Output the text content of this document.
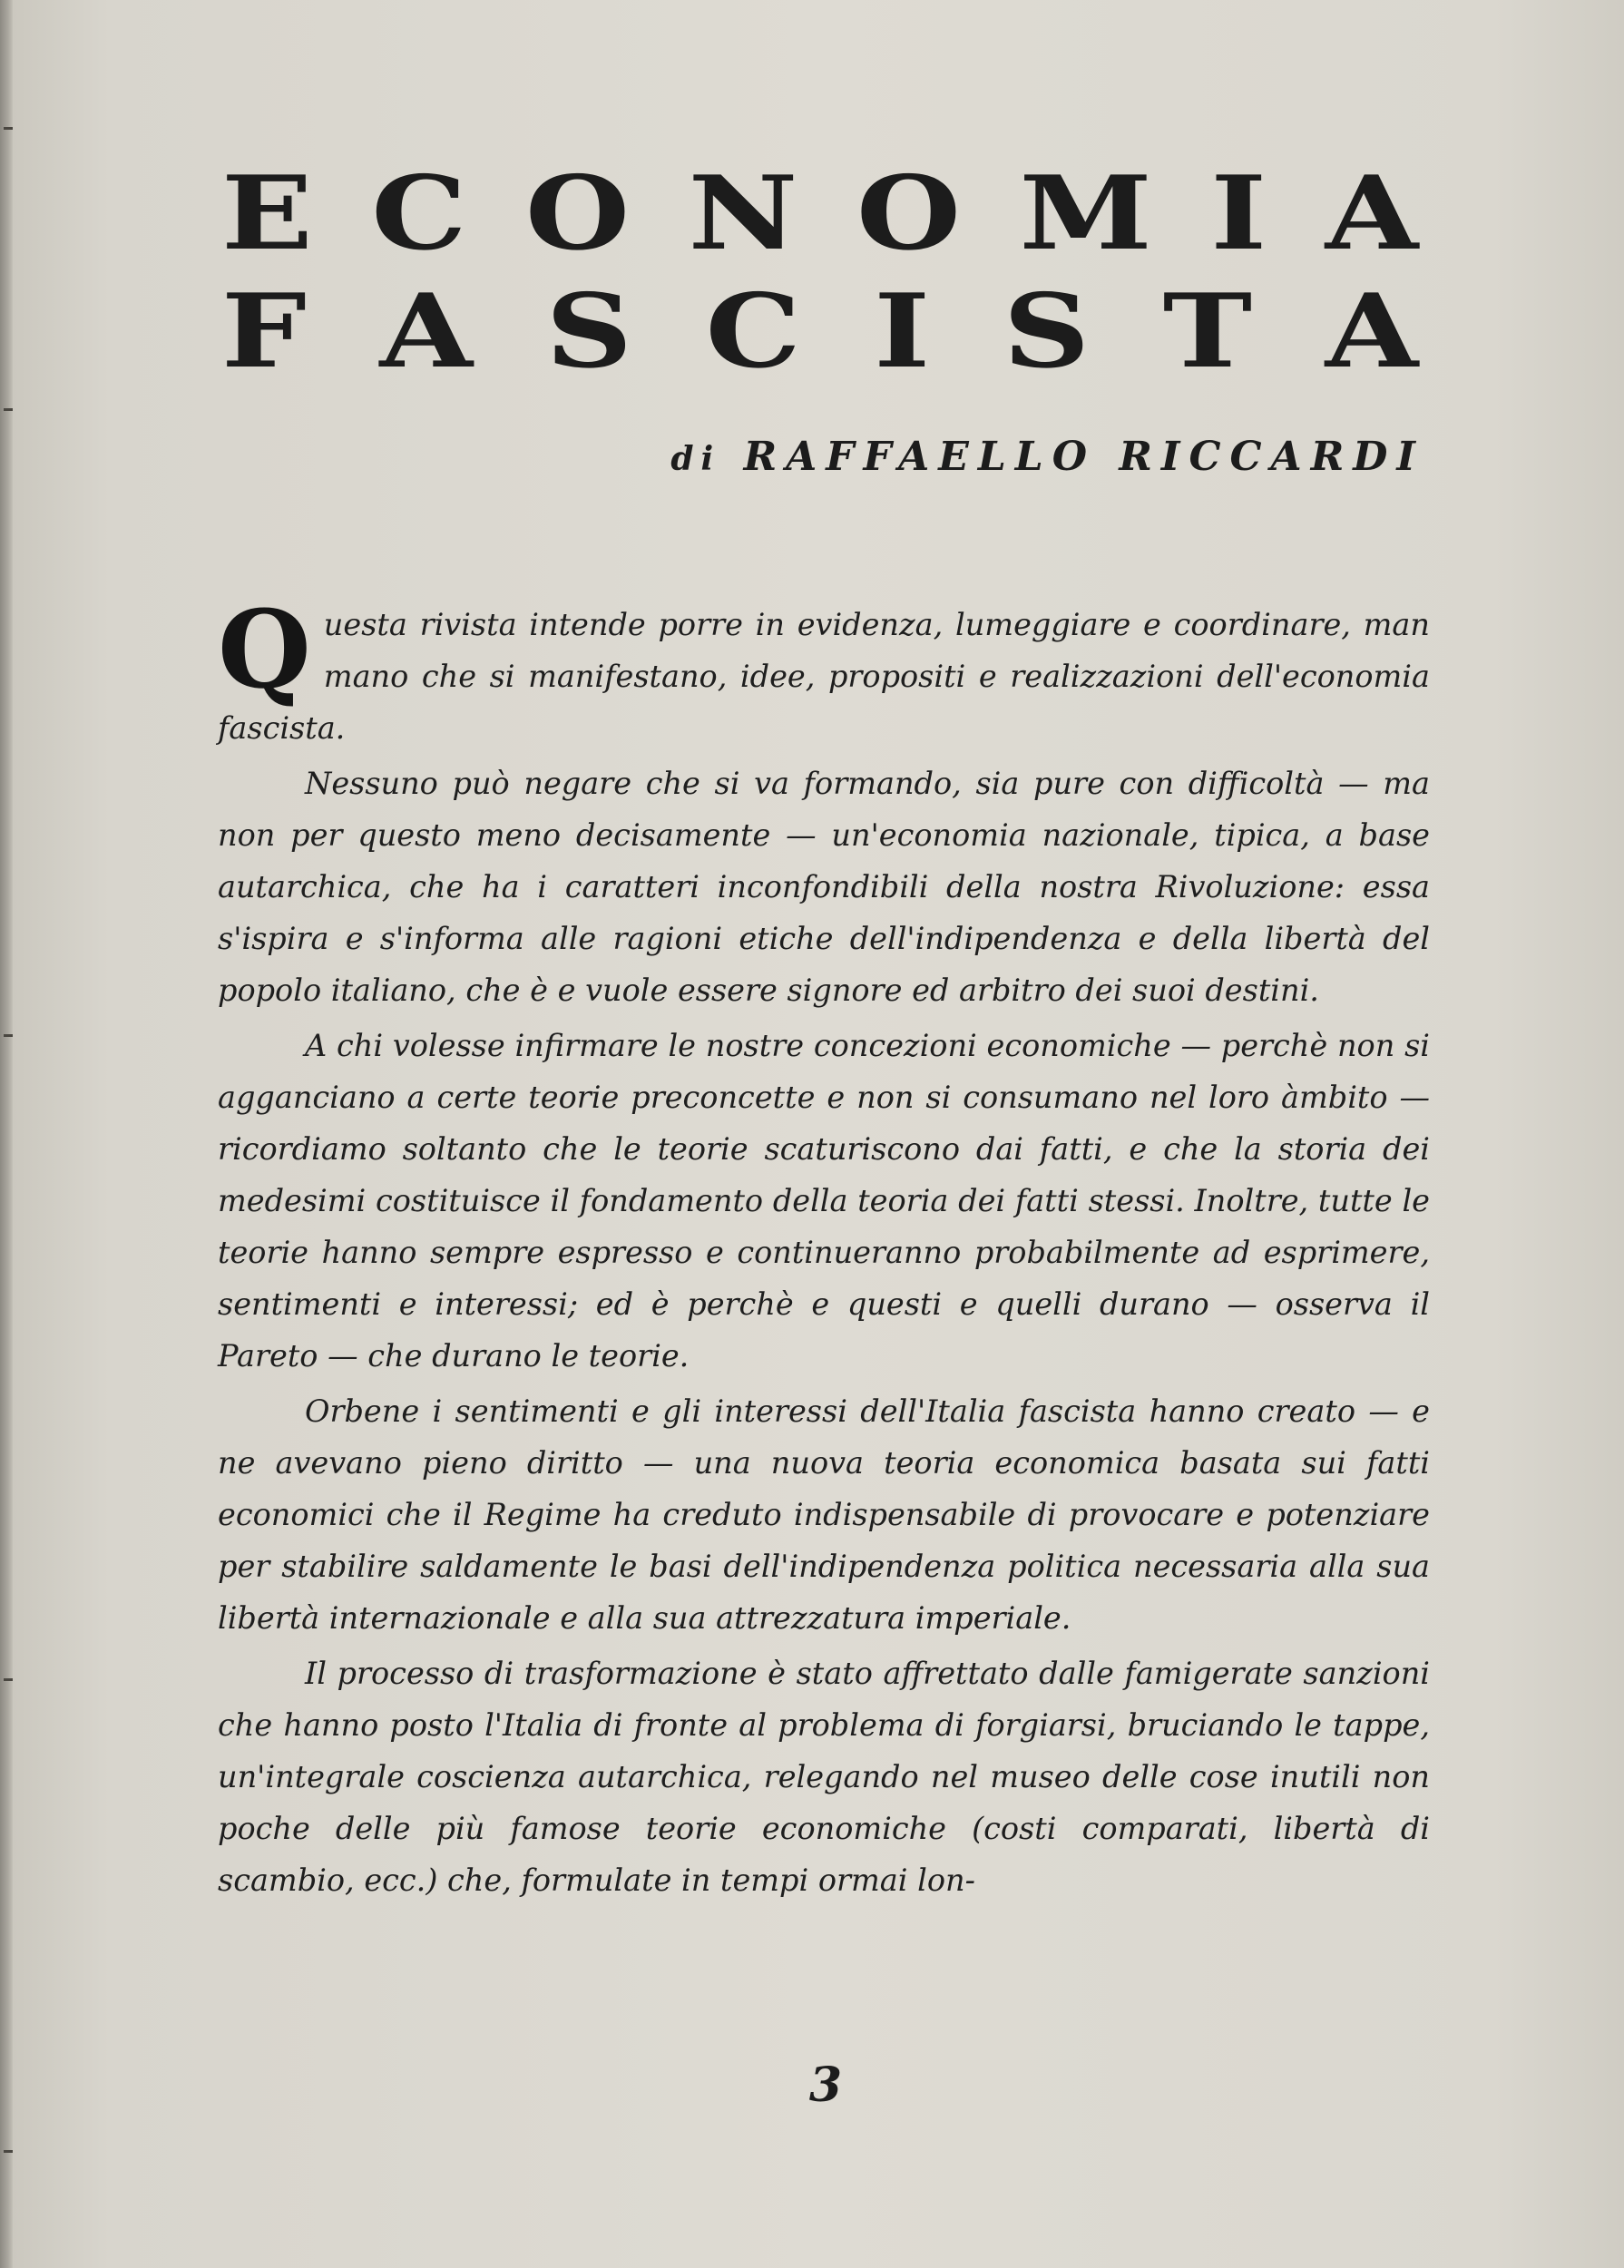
E C O N O M I A
F A S C I S T A
di RAFFAELLO RICCARDI

Questa rivista intende porre in evidenza, lumeggiare e coordinare, man mano che si manifestano, idee, propositi e realizzazioni dell'economia fascista.

Nessuno può negare che si va formando, sia pure con difficoltà — ma non per questo meno decisamente — un'economia nazionale, tipica, a base autarchica, che ha i caratteri inconfondibili della nostra Rivoluzione: essa s'ispira e s'informa alle ragioni etiche dell'indipendenza e della libertà del popolo italiano, che è e vuole essere signore ed arbitro dei suoi destini.

A chi volesse infirmare le nostre concezioni economiche — perchè non si agganciano a certe teorie preconcette e non si consumano nel loro àmbito — ricordiamo soltanto che le teorie scaturiscono dai fatti, e che la storia dei medesimi costituisce il fondamento della teoria dei fatti stessi. Inoltre, tutte le teorie hanno sempre espresso e continueranno probabilmente ad esprimere, sentimenti e interessi; ed è perchè e questi e quelli durano — osserva il Pareto — che durano le teorie.

Orbene i sentimenti e gli interessi dell'Italia fascista hanno creato — e ne avevano pieno diritto — una nuova teoria economica basata sui fatti economici che il Regime ha creduto indispensabile di provocare e potenziare per stabilire saldamente le basi dell'indipendenza politica necessaria alla sua libertà internazionale e alla sua attrezzatura imperiale.

Il processo di trasformazione è stato affrettato dalle famigerate sanzioni che hanno posto l'Italia di fronte al problema di forgiarsi, bruciando le tappe, un'integrale coscienza autarchica, relegando nel museo delle cose inutili non poche delle più famose teorie economiche (costi comparati, libertà di scambio, ecc.) che, formulate in tempi ormai lon-

3
